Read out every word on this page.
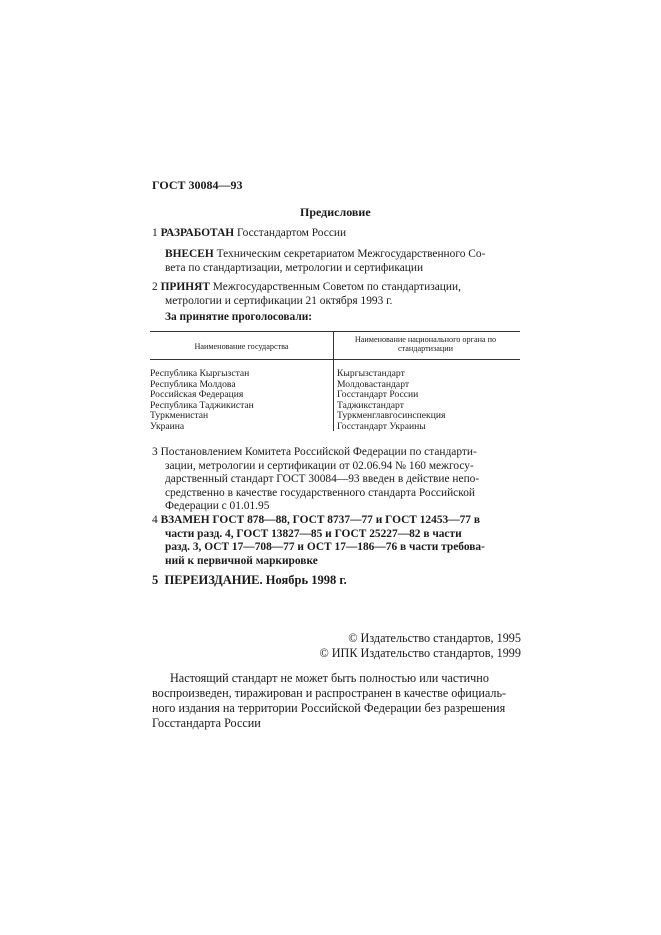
ГОСТ 30084—93
Предисловие
1 РАЗРАБОТАН Госстандартом России
ВНЕСЕН Техническим секретариатом Межгосударственного Со-
вета по стандартизации, метрологии и сертификации
2 ПРИНЯТ Межгосударственным Советом по стандартизации,
метрологии и сертификации 21 октября 1993 г.
За принятие проголосовали:
Наименование государства
Наименование национального органа по стандартизации
Республика Кыргызстан
Республика Молдова
Российская Федерация
Республика Таджикистан
Туркменистан
Украина
Кыргызстандарт
Молдовастандарт
Госстандарт России
Таджикстандарт
Туркменглавгосинспекция
Госстандарт Украины
3 Постановлением Комитета Российской Федерации по стандарти-
зации, метрологии и сертификации от 02.06.94 № 160 межгосу-
дарственный стандарт ГОСТ 30084—93 введен в действие непо-
средственно в качестве государственного стандарта Российской
Федерации с 01.01.95
4 ВЗАМЕН ГОСТ 878—88, ГОСТ 8737—77 и ГОСТ 12453—77 в
части разд. 4, ГОСТ 13827—85 и ГОСТ 25227—82 в части
разд. 3, ОСТ 17—708—77 и ОСТ 17—186—76 в части требова-
ний к первичной маркировке
5 ПЕРЕИЗДАНИЕ. Ноябрь 1998 г.
© Издательство стандартов, 1995
© ИПК Издательство стандартов, 1999
Настоящий стандарт не может быть полностью или частично
воспроизведен, тиражирован и распространен в качестве официаль-
ного издания на территории Российской Федерации без разрешения
Госстандарта России
